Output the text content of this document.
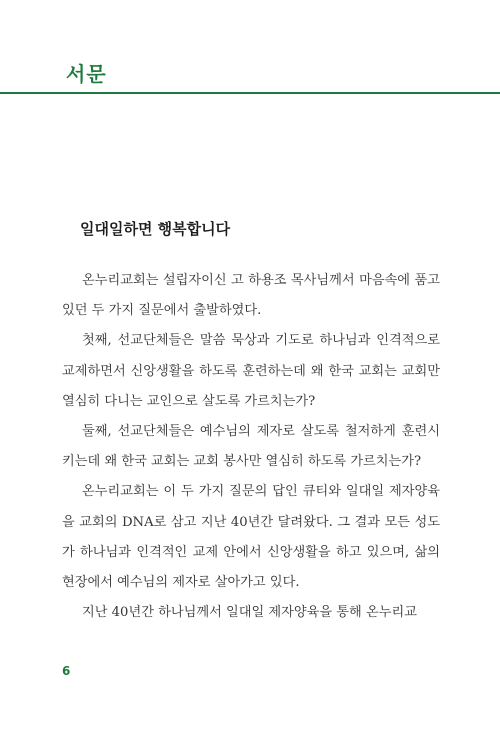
서문
일대일하면 행복합니다

온누리교회는 설립자이신 고 하용조 목사님께서 마음속에 품고 있던 두 가지 질문에서 출발하였다.

첫째, 선교단체들은 말씀 묵상과 기도로 하나님과 인격적으로 교제하면서 신앙생활을 하도록 훈련하는데 왜 한국 교회는 교회만 열심히 다니는 교인으로 살도록 가르치는가?

둘째, 선교단체들은 예수님의 제자로 살도록 철저하게 훈련시키는데 왜 한국 교회는 교회 봉사만 열심히 하도록 가르치는가?

온누리교회는 이 두 가지 질문의 답인 큐티와 일대일 제자양육을 교회의 DNA로 삼고 지난 40년간 달려왔다. 그 결과 모든 성도가 하나님과 인격적인 교제 안에서 신앙생활을 하고 있으며, 삶의 현장에서 예수님의 제자로 살아가고 있다.

지난 40년간 하나님께서 일대일 제자양육을 통해 온누리교

6
